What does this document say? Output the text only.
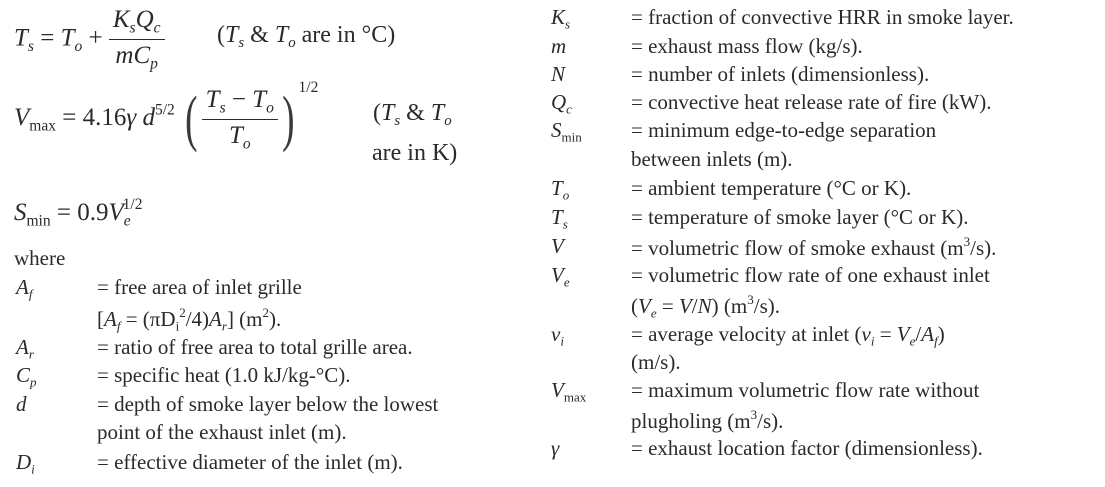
$T_s = T_o + \frac{K_sQ_c}{mC_p} (T_s$ & $T_o$ are in °C)
$V_{max} = 4.16\gamma$ $d^{5/2}$ ( $\frac{T_s - T_o}{T_o}$ ) $^{1/2}$
($T_s$ & $T_o$
are in K)
$S_{min} = 0.9V_e^{1/2}$
where
$A_f$	= free area of inlet grille
$[A_f = (\pi D_i^2/4)A_r]$ $(m^2)$.
$A_r$	= ratio of free area to total grille area.
$C_p$	= specific heat (1.0 kJ/kg-°C).
d	= depth of smoke layer below the lowest
point of the exhaust inlet (m).
$D_i$	= effective diameter of the inlet (m).
$K_s$	= fraction of convective HRR in smoke layer.
m	= exhaust mass flow (kg/s).
N	= number of inlets (dimensionless).
$Q_c$	= convective heat release rate of fire (kW).
$S_{min}$ = minimum edge-to-edge separation
between inlets (m).
$T_o$	= ambient temperature (°C or K).
$T_s$	= temperature of smoke layer (°C or K).
V	= volumetric flow of smoke exhaust $(m^3/s)$.
$V_e$	= volumetric flow rate of one exhaust inlet
$(V_e = V/N)$ $(m^3/s)$.
$v_i$	= average velocity at inlet $(v_i = V_e/A_f)$
(m/s).
$V_{max}$ = maximum volumetric flow rate without
plugholing $(m^3/s)$.
γ	= exhaust location factor (dimensionless).
